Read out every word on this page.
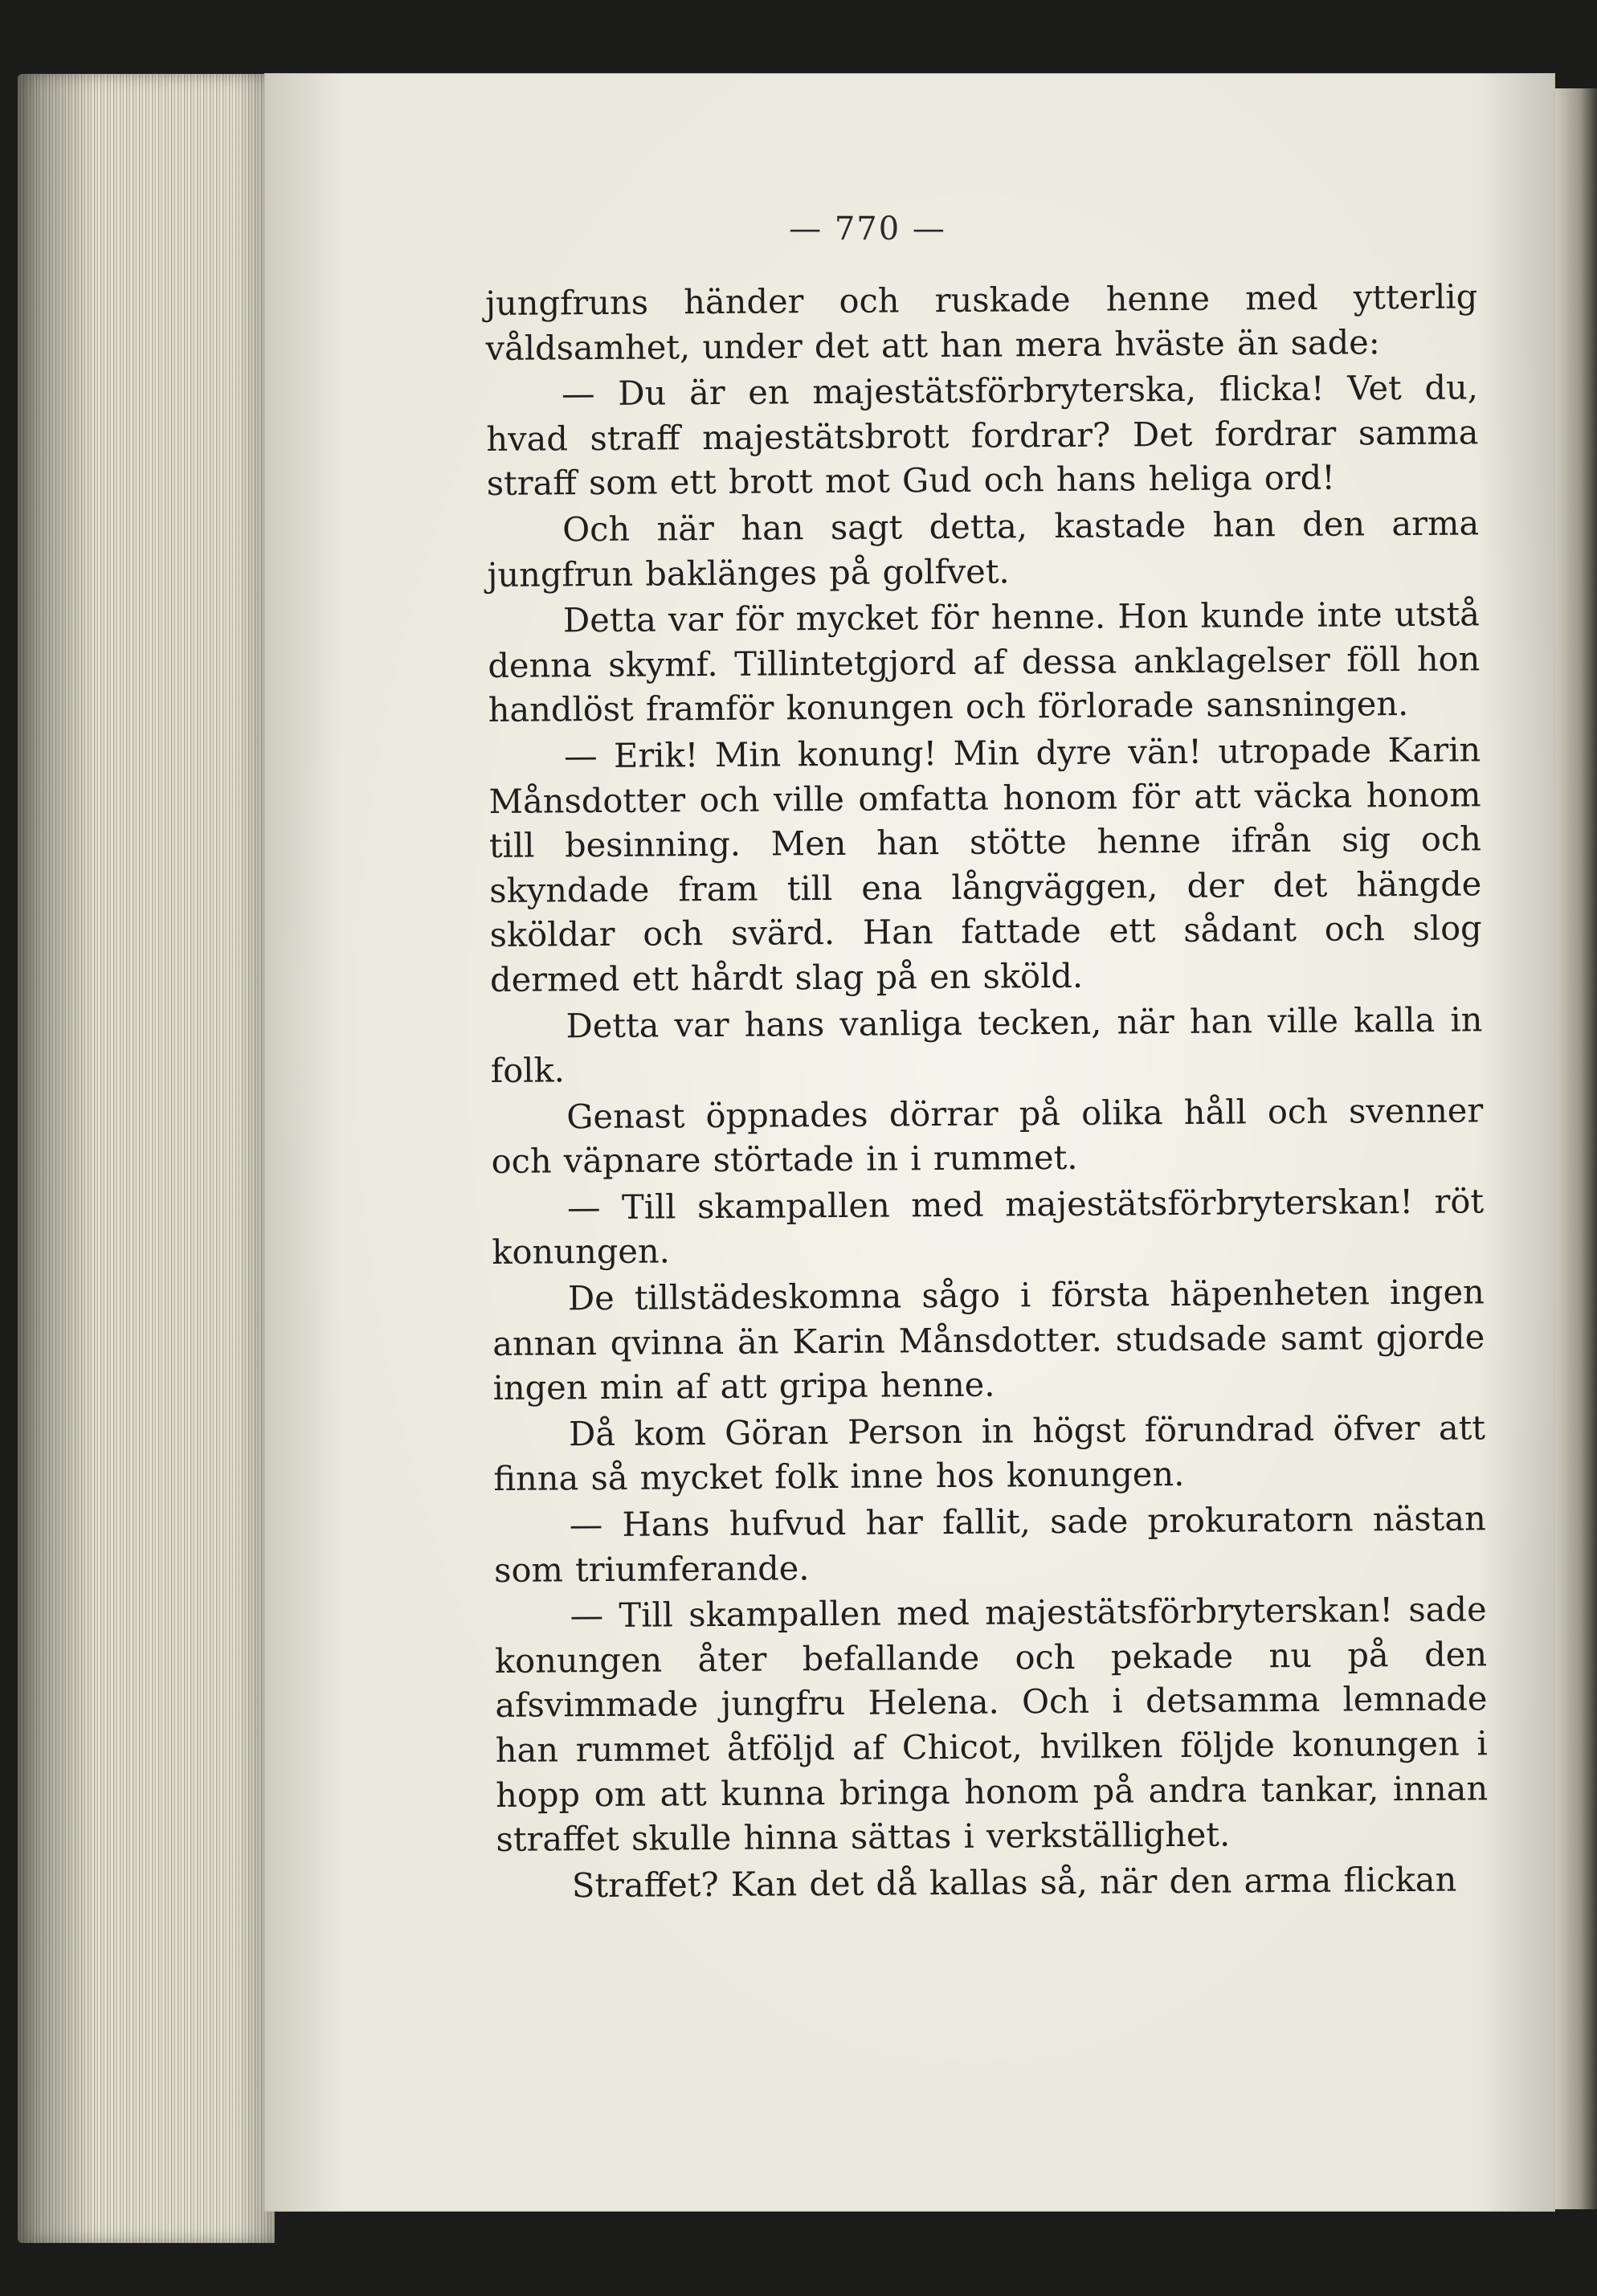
— 770 —

jungfruns händer och ruskade henne med ytterlig våldsamhet, under det att han mera hväste än sade:

— Du är en majestätsförbryterska, flicka! Vet du, hvad straff majestätsbrott fordrar? Det fordrar samma straff som ett brott mot Gud och hans heliga ord!

Och när han sagt detta, kastade han den arma jungfrun baklänges på golfvet.

Detta var för mycket för henne. Hon kunde inte utstå denna skymf. Tillintetgjord af dessa anklagelser föll hon handlöst framför konungen och förlorade sansningen.

— Erik! Min konung! Min dyre vän! utropade Karin Månsdotter och ville omfatta honom för att väcka honom till besinning. Men han stötte henne ifrån sig och skyndade fram till ena långväggen, der det hängde sköldar och svärd. Han fattade ett sådant och slog dermed ett hårdt slag på en sköld.

Detta var hans vanliga tecken, när han ville kalla in folk.

Genast öppnades dörrar på olika håll och svenner och väpnare störtade in i rummet.

— Till skampallen med majestätsförbryterskan! röt konungen.

De tillstädeskomna sågo i första häpenheten ingen annan qvinna än Karin Månsdotter. studsade samt gjorde ingen min af att gripa henne.

Då kom Göran Person in högst förundrad öfver att finna så mycket folk inne hos konungen.

— Hans hufvud har fallit, sade prokuratorn nästan som triumferande.

— Till skampallen med majestätsförbryterskan! sade konungen åter befallande och pekade nu på den afsvimmade jungfru Helena. Och i detsamma lemnade han rummet åtföljd af Chicot, hvilken följde konungen i hopp om att kunna bringa honom på andra tankar, innan straffet skulle hinna sättas i verkställighet.

Straffet? Kan det då kallas så, när den arma flickan
